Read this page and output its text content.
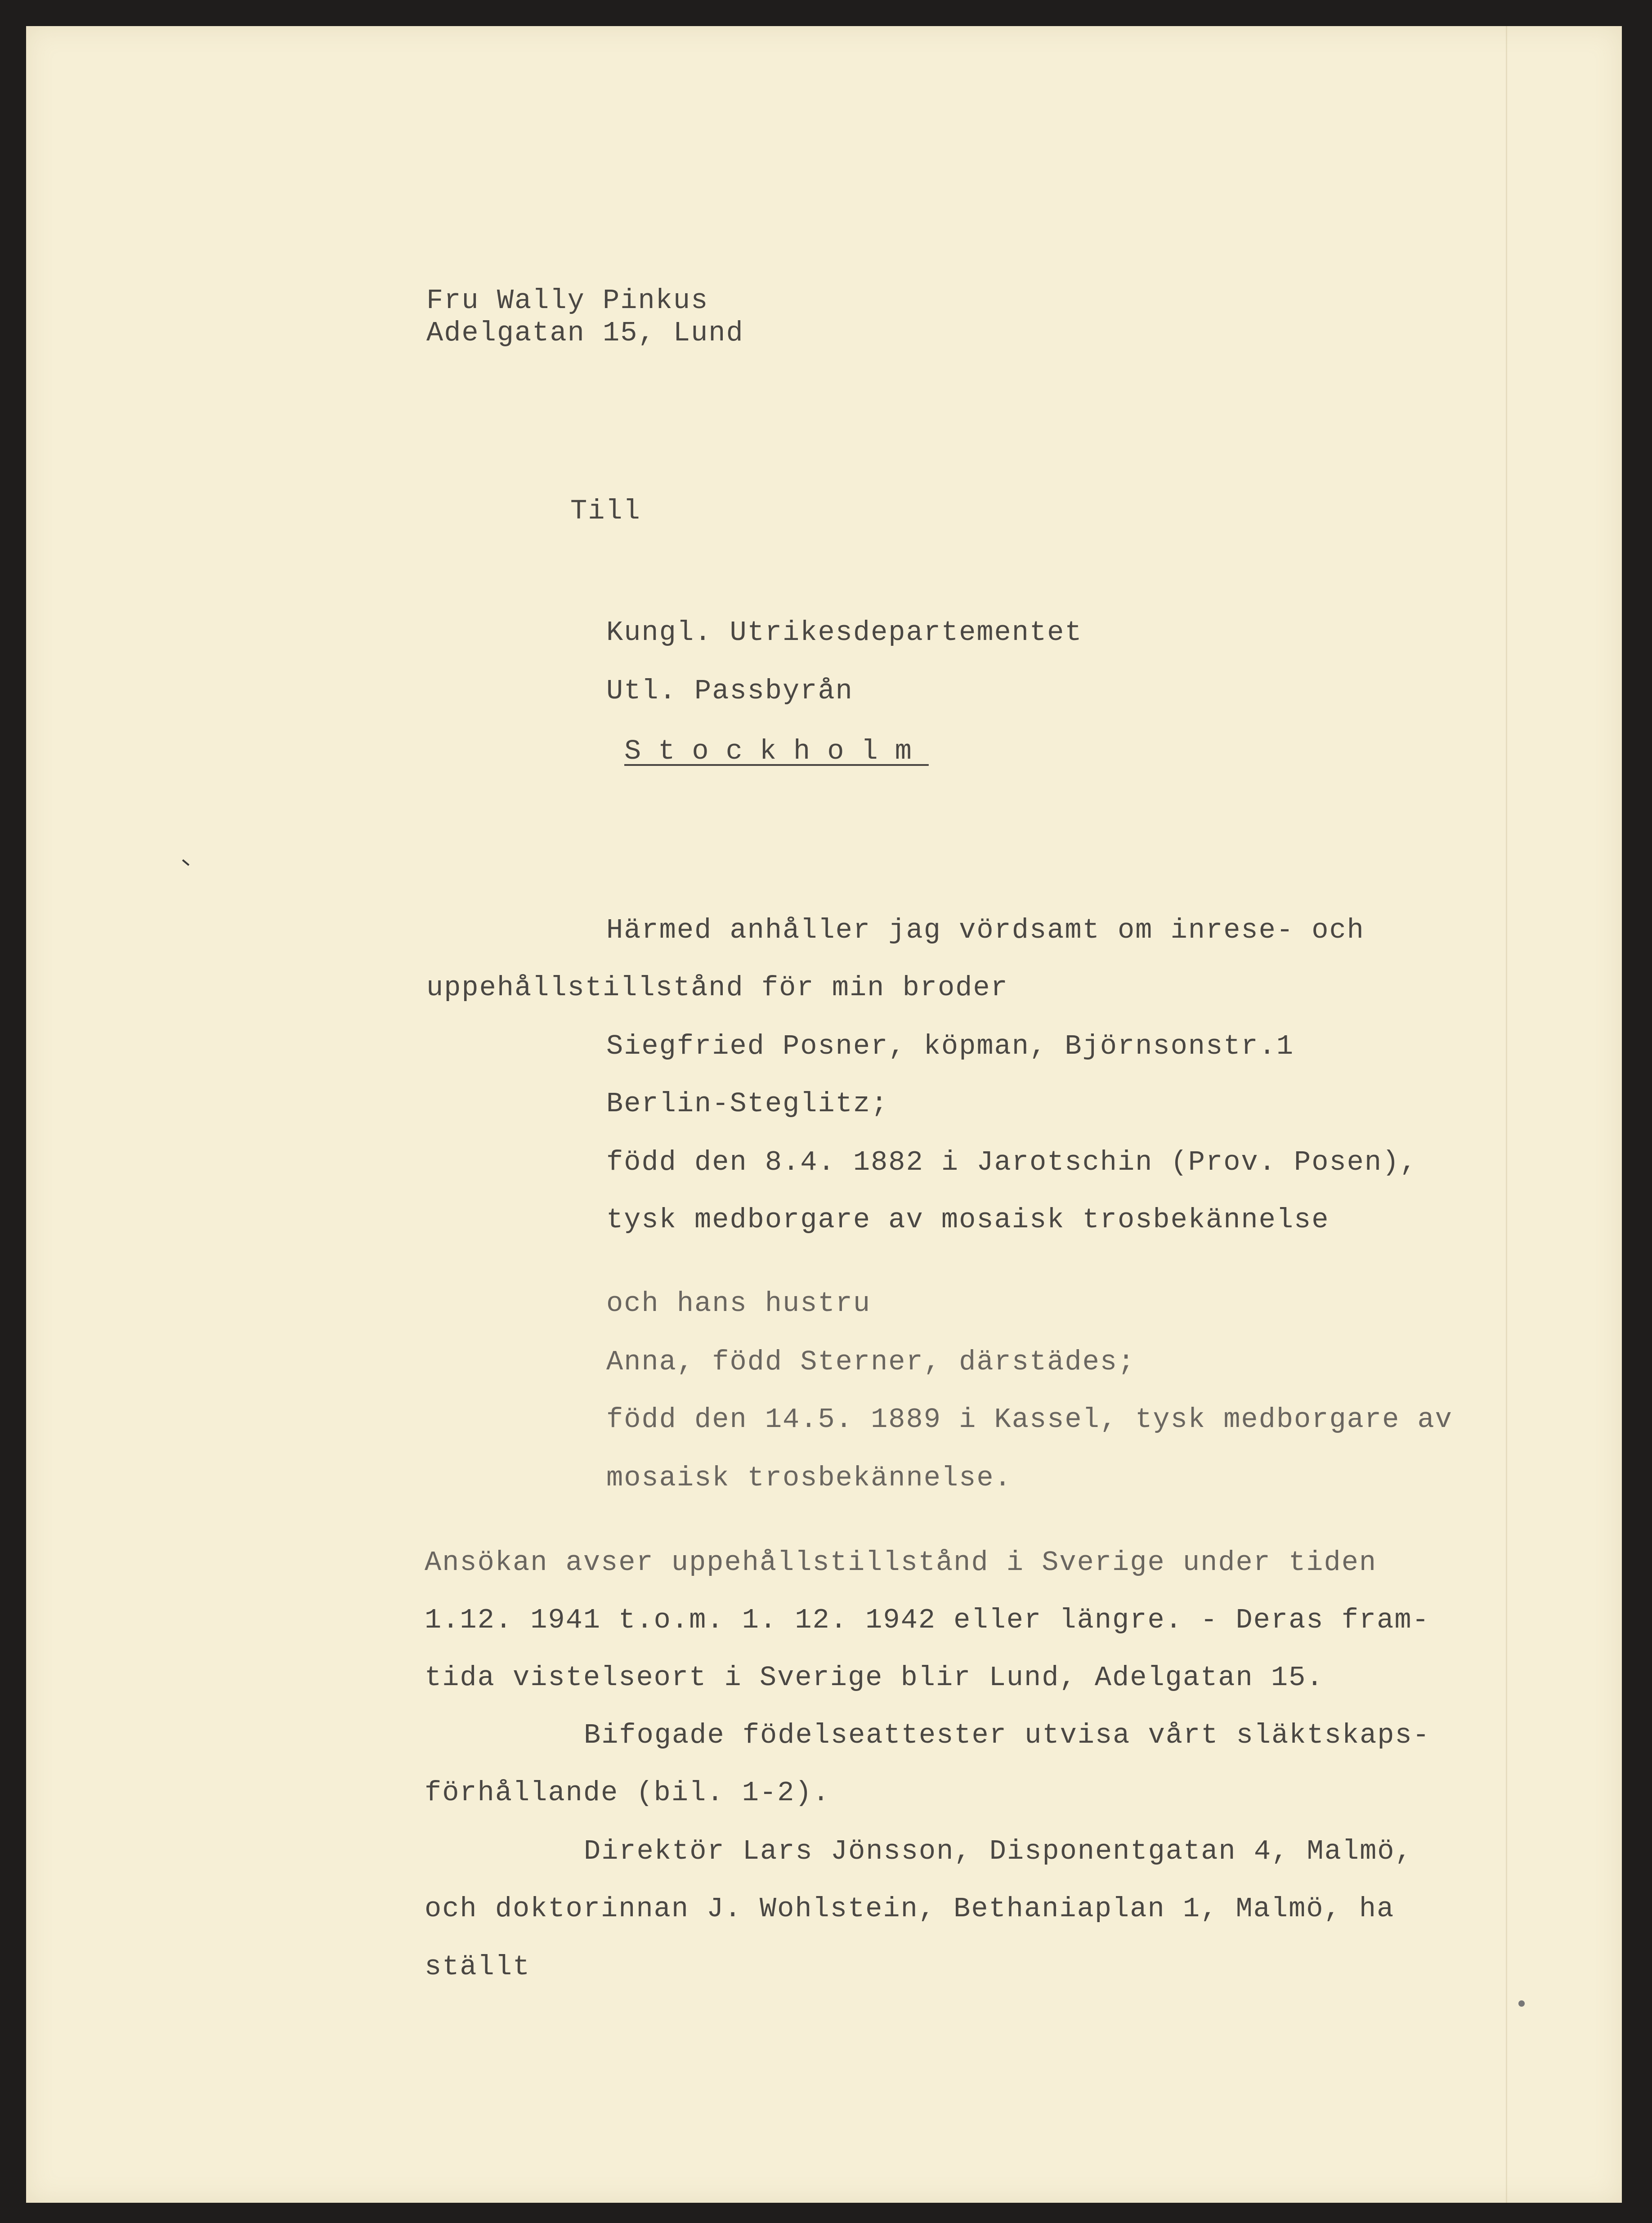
Fru Wally Pinkus
Adelgatan 15, Lund
Till
Kungl. Utrikesdepartementet
Utl. Passbyrån
Stockholm
Härmed anhåller jag vördsamt om inrese- och
uppehållstillstånd för min broder
Siegfried Posner, köpman, Björnsonstr.1
Berlin-Steglitz;
född den 8.4. 1882 i Jarotschin (Prov. Posen),
tysk medborgare av mosaisk trosbekännelse
och hans hustru
Anna, född Sterner, därstädes;
född den 14.5. 1889 i Kassel, tysk medborgare av
mosaisk trosbekännelse.
Ansökan avser uppehållstillstånd i Sverige under tiden
1.12. 1941 t.o.m. 1. 12. 1942 eller längre. - Deras fram-
tida vistelseort i Sverige blir Lund, Adelgatan 15.
Bifogade födelseattester utvisa vårt släktskaps-
förhållande (bil. 1-2).
Direktör Lars Jönsson, Disponentgatan 4, Malmö,
och doktorinnan J. Wohlstein, Bethaniaplan 1, Malmö, ha
ställt
